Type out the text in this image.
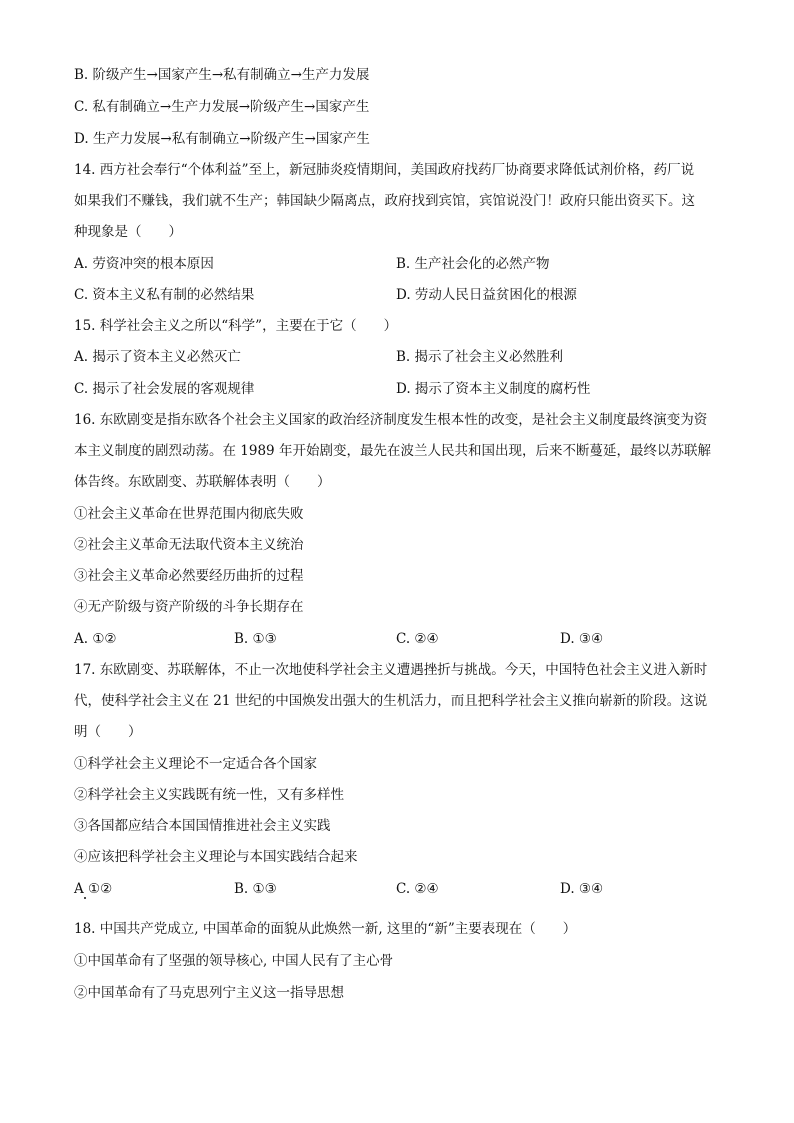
B. 阶级产生→国家产生→私有制确立→生产力发展
C. 私有制确立→生产力发展→阶级产生→国家产生
D. 生产力发展→私有制确立→阶级产生→国家产生
14. 西方社会奉行“个体利益”至上，新冠肺炎疫情期间，美国政府找药厂协商要求降低试剂价格，药厂说
如果我们不赚钱，我们就不生产；韩国缺少隔离点，政府找到宾馆，宾馆说没门！政府只能出资买下。这
种现象是（　　）
A. 劳资冲突的根本原因	B. 生产社会化的必然产物
C. 资本主义私有制的必然结果	D. 劳动人民日益贫困化的根源
15. 科学社会主义之所以“科学”，主要在于它（　　）
A. 揭示了资本主义必然灭亡	B. 揭示了社会主义必然胜利
C. 揭示了社会发展的客观规律	D. 揭示了资本主义制度的腐朽性
16. 东欧剧变是指东欧各个社会主义国家的政治经济制度发生根本性的改变，是社会主义制度最终演变为资
本主义制度的剧烈动荡。在 1989 年开始剧变，最先在波兰人民共和国出现，后来不断蔓延，最终以苏联解
体告终。东欧剧变、苏联解体表明（　　）
①社会主义革命在世界范围内彻底失败
②社会主义革命无法取代资本主义统治
③社会主义革命必然要经历曲折的过程
④无产阶级与资产阶级的斗争长期存在
A. ①②	B. ①③	C. ②④	D. ③④
17. 东欧剧变、苏联解体，不止一次地使科学社会主义遭遇挫折与挑战。今天，中国特色社会主义进入新时
代，使科学社会主义在 21 世纪的中国焕发出强大的生机活力，而且把科学社会主义推向崭新的阶段。这说
明（　　）
①科学社会主义理论不一定适合各个国家
②科学社会主义实践既有统一性，又有多样性
③各国都应结合本国国情推进社会主义实践
④应该把科学社会主义理论与本国实践结合起来
A ①②	B. ①③	C. ②④	D. ③④
18. 中国共产党成立, 中国革命的面貌从此焕然一新, 这里的“新”主要表现在（　　）
①中国革命有了坚强的领导核心, 中国人民有了主心骨
②中国革命有了马克思列宁主义这一指导思想
